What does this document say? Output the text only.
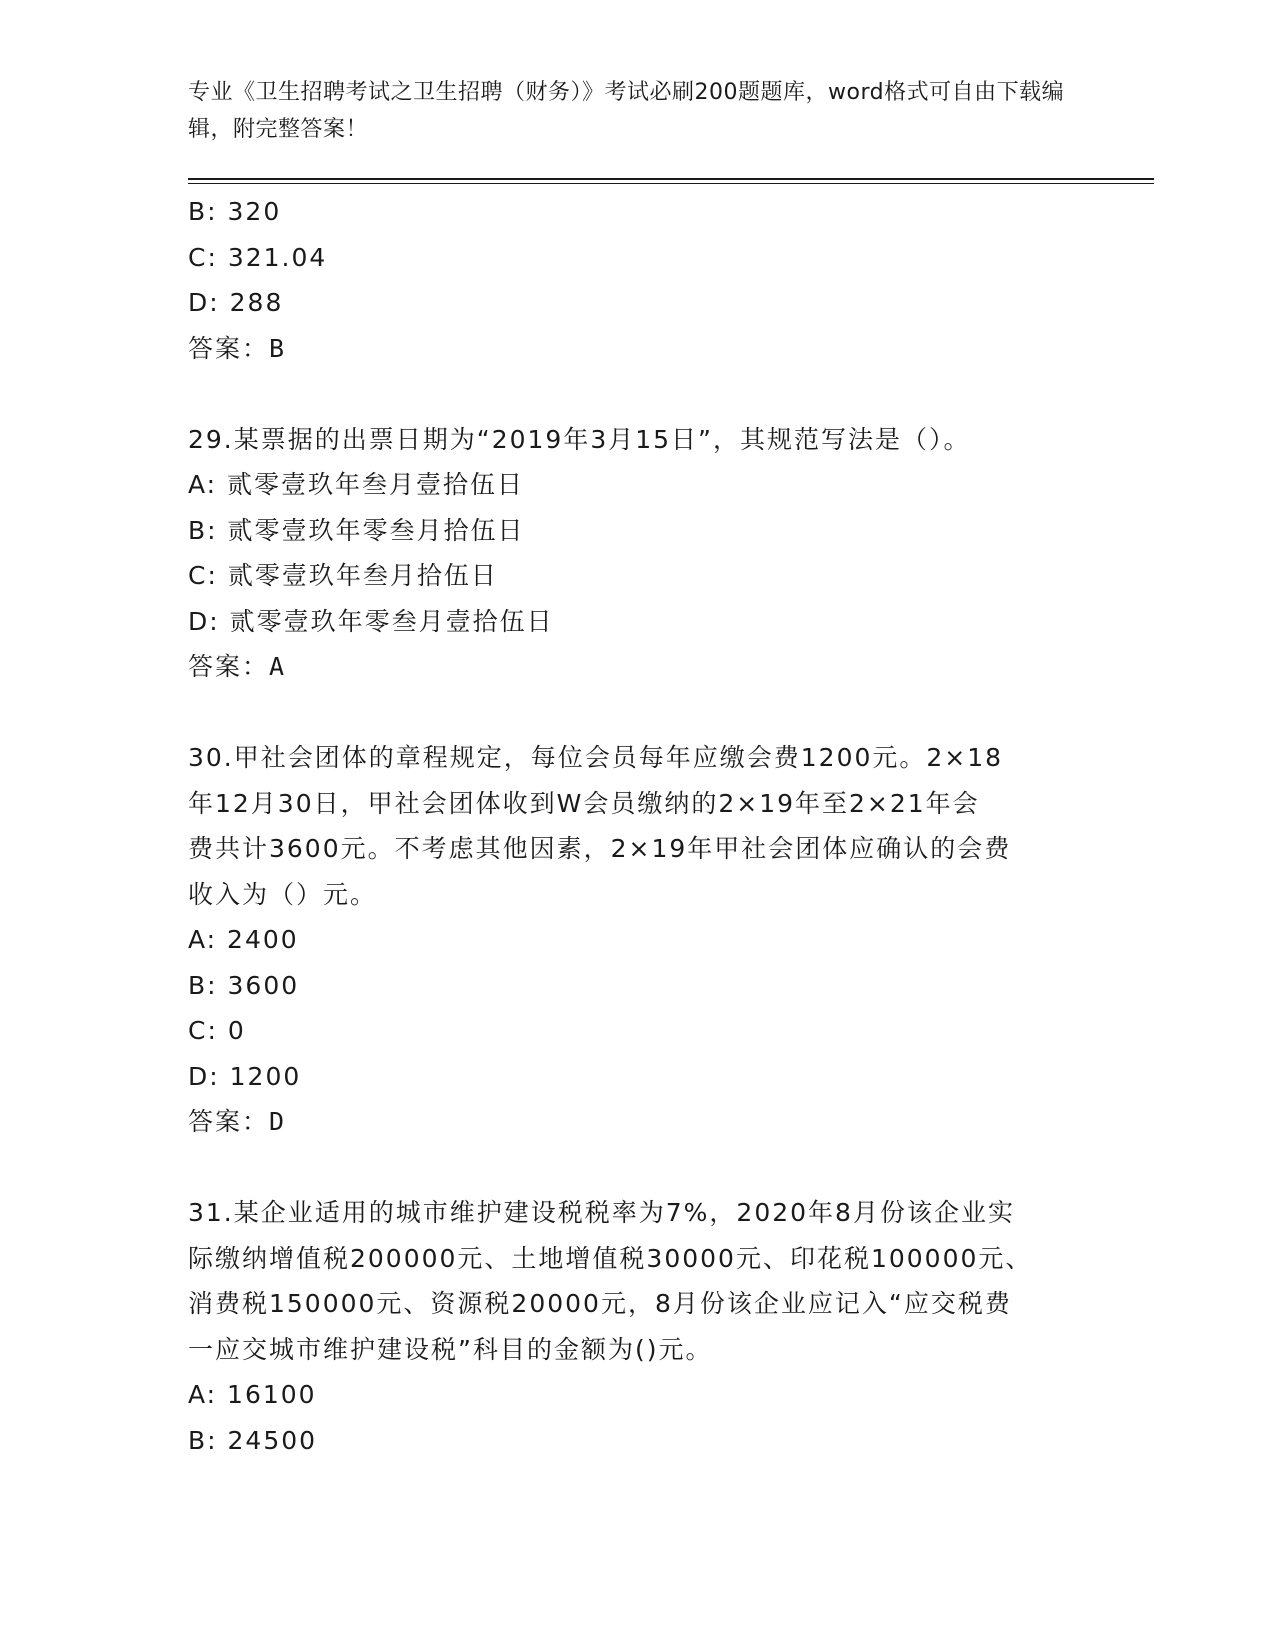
专业《卫生招聘考试之卫生招聘（财务）》考试必刷200题题库，word格式可自由下载编辑，附完整答案！
B: 320
C: 321.04
D: 288
答案：B
29.某票据的出票日期为“2019年3月15日”，其规范写法是（）。
A: 贰零壹玖年叁月壹拾伍日
B: 贰零壹玖年零叁月拾伍日
C: 贰零壹玖年叁月拾伍日
D: 贰零壹玖年零叁月壹拾伍日
答案：A
30.甲社会团体的章程规定，每位会员每年应缴会费1200元。2×18
年12月30日，甲社会团体收到W会员缴纳的2×19年至2×21年会
费共计3600元。不考虑其他因素，2×19年甲社会团体应确认的会费
收入为（）元。
A: 2400
B: 3600
C: 0
D: 1200
答案：D
31.某企业适用的城市维护建设税税率为7%，2020年8月份该企业实
际缴纳增值税200000元、土地增值税30000元、印花税100000元、
消费税150000元、资源税20000元，8月份该企业应记入“应交税费
一应交城市维护建设税”科目的金额为()元。
A: 16100
B: 24500
